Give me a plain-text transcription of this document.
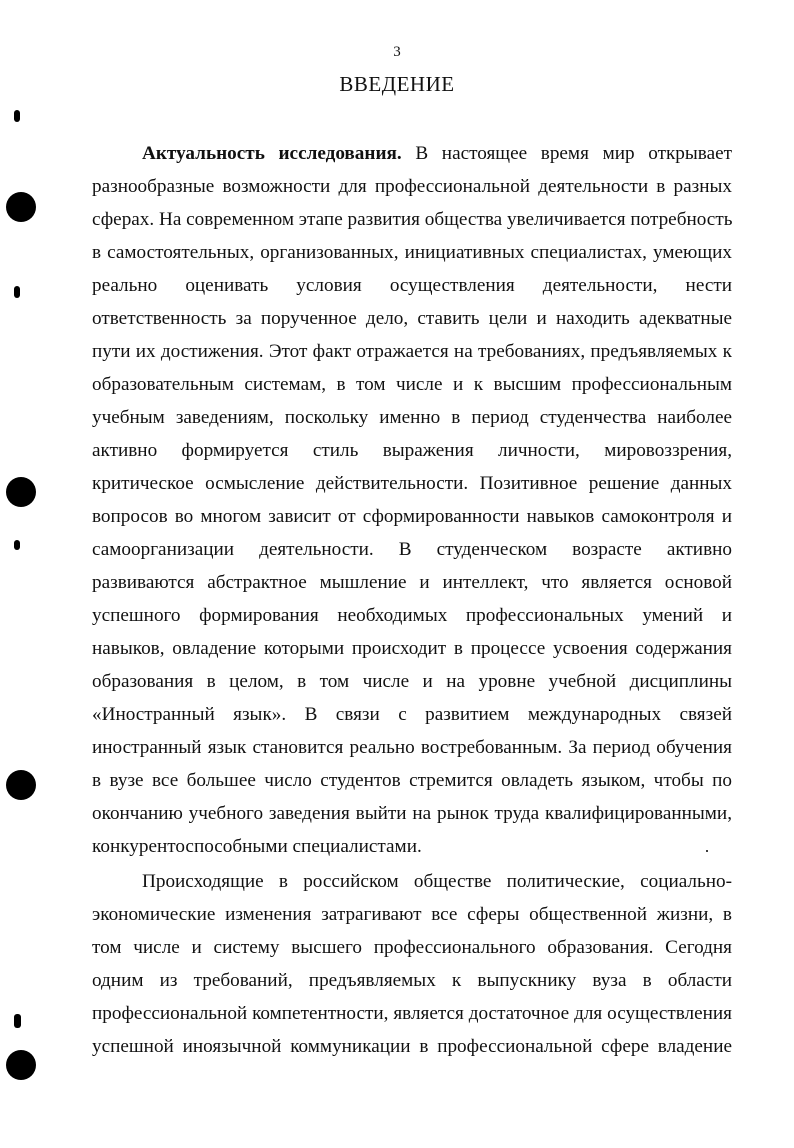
3
ВВЕДЕНИЕ
Актуальность исследования. В настоящее время мир открывает
разнообразные возможности для профессиональной деятельности в разных
сферах. На современном этапе развития общества увеличивается потребность
в самостоятельных, организованных, инициативных специалистах, умеющих
реально оценивать условия осуществления деятельности, нести
ответственность за порученное дело, ставить цели и находить адекватные
пути их достижения. Этот факт отражается на требованиях, предъявляемых к
образовательным системам, в том числе и к высшим профессиональным
учебным заведениям, поскольку именно в период студенчества наиболее
активно формируется стиль выражения личности, мировоззрения,
критическое осмысление действительности. Позитивное решение данных
вопросов во многом зависит от сформированности навыков самоконтроля и
самоорганизации деятельности. В студенческом возрасте активно
развиваются абстрактное мышление и интеллект, что является основой
успешного формирования необходимых профессиональных умений и
навыков, овладение которыми происходит в процессе усвоения содержания
образования в целом, в том числе и на уровне учебной дисциплины
«Иностранный язык». В связи с развитием международных связей
иностранный язык становится реально востребованным. За период обучения
в вузе все большее число студентов стремится овладеть языком, чтобы по
окончанию учебного заведения выйти на рынок труда квалифицированными,
конкурентоспособными специалистами.
Происходящие в российском обществе политические, социально-
экономические изменения затрагивают все сферы общественной жизни, в
том числе и систему высшего профессионального образования. Сегодня
одним из требований, предъявляемых к выпускнику вуза в области
профессиональной компетентности, является достаточное для осуществления
успешной иноязычной коммуникации в профессиональной сфере владение
